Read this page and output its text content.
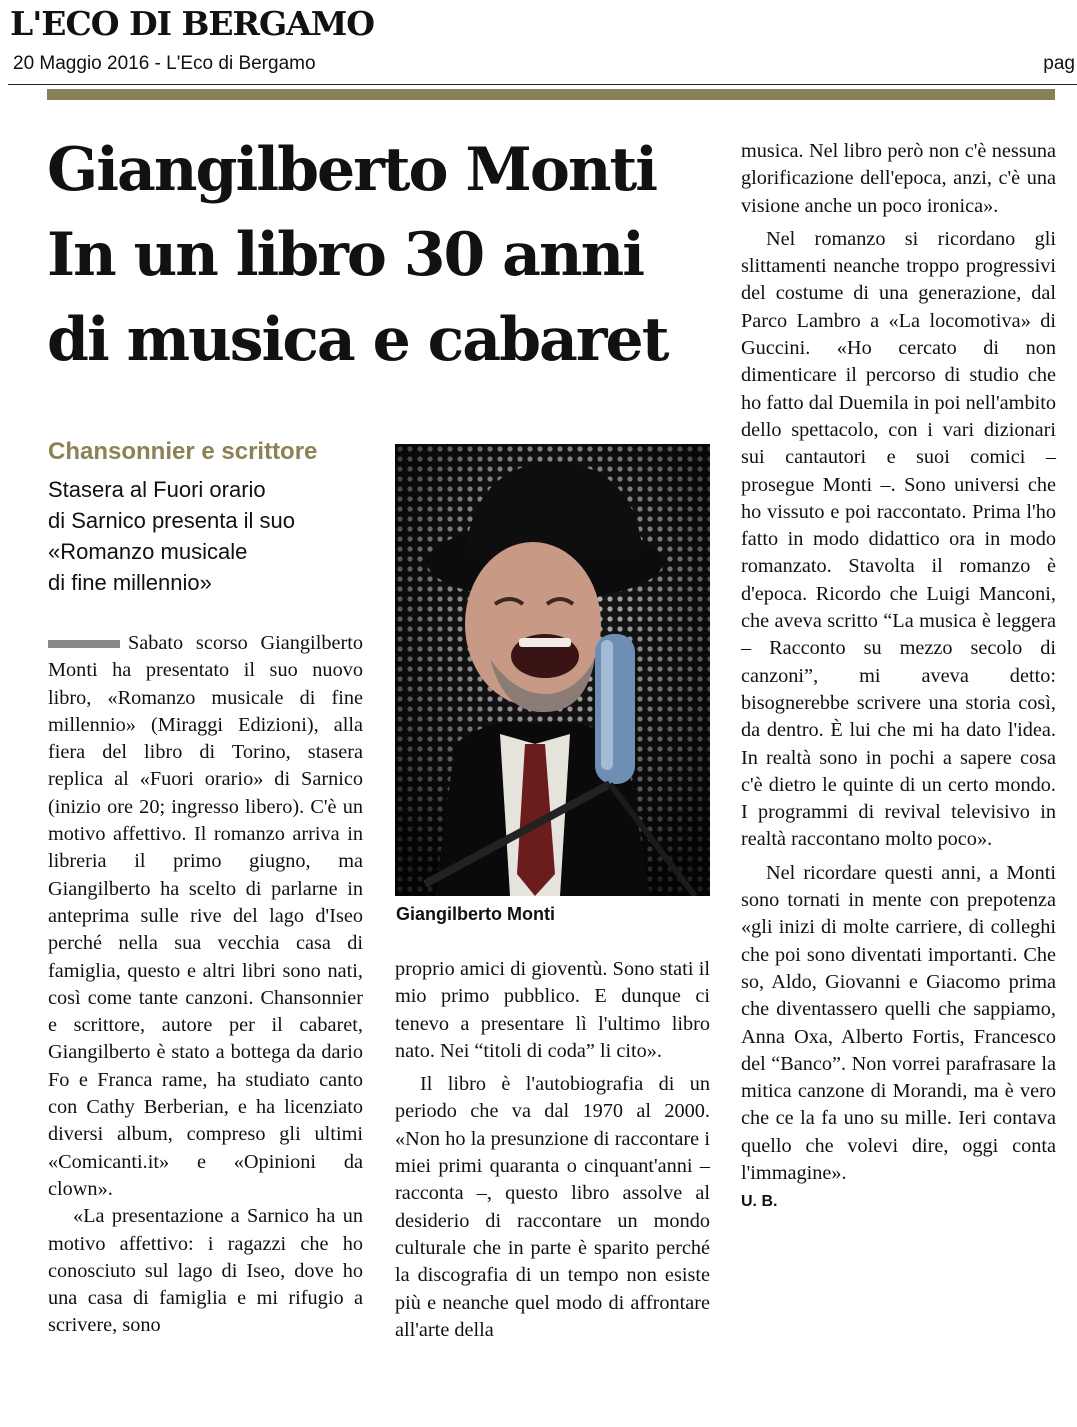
L'ECO DI BERGAMO
20 Maggio 2016 - L'Eco di Bergamo	pag
Giangilberto Monti
In un libro 30 anni
di musica e cabaret
Chansonnier e scrittore
Stasera al Fuori orario
di Sarnico presenta il suo
«Romanzo musicale
di fine millennio»

Sabato scorso Giangilberto Monti ha presentato il suo nuovo libro, «Romanzo musicale di fine millennio» (Miraggi Edizioni), alla fiera del libro di Torino, stasera replica al «Fuori orario» di Sarnico (inizio ore 20; ingresso libero). C'è un motivo affettivo. Il romanzo arriva in libreria il primo giugno, ma Giangilberto ha scelto di parlarne in anteprima sulle rive del lago d'Iseo perché nella sua vecchia casa di famiglia, questo e altri libri sono nati, così come tante canzoni. Chansonnier e scrittore, autore per il cabaret, Giangilberto è stato a bottega da dario Fo e Franca rame, ha studiato canto con Cathy Berberian, e ha licenziato diversi album, compreso gli ultimi «Comicanti.it» e «Opinioni da clown».

«La presentazione a Sarnico ha un motivo affettivo: i ragazzi che ho conosciuto sul lago di Iseo, dove ho una casa di famiglia e mi rifugio a scrivere, sono

Giangilberto Monti

proprio amici di gioventù. Sono stati il mio primo pubblico. E dunque ci tenevo a presentare lì l'ultimo libro nato. Nei “titoli di coda” li cito».

Il libro è l'autobiografia di un periodo che va dal 1970 al 2000. «Non ho la presunzione di raccontare i miei primi quaranta o cinquant'anni – racconta –, questo libro assolve al desiderio di raccontare un mondo culturale che in parte è sparito perché la discografia di un tempo non esiste più e neanche quel modo di affrontare all'arte della

musica. Nel libro però non c'è nessuna glorificazione dell'epoca, anzi, c'è una visione anche un poco ironica».

Nel romanzo si ricordano gli slittamenti neanche troppo progressivi del costume di una generazione, dal Parco Lambro a «La locomotiva» di Guccini. «Ho cercato di non dimenticare il percorso di studio che ho fatto dal Duemila in poi nell'ambito dello spettacolo, con i vari dizionari sui cantautori e suoi comici – prosegue Monti –. Sono universi che ho vissuto e poi raccontato. Prima l'ho fatto in modo didattico ora in modo romanzato. Stavolta il romanzo è d'epoca. Ricordo che Luigi Manconi, che aveva scritto “La musica è leggera – Racconto su mezzo secolo di canzoni”, mi aveva detto: bisognerebbe scrivere una storia così, da dentro. È lui che mi ha dato l'idea. In realtà sono in pochi a sapere cosa c'è dietro le quinte di un certo mondo. I programmi di revival televisivo in realtà raccontano molto poco».

Nel ricordare questi anni, a Monti sono tornati in mente con prepotenza «gli inizi di molte carriere, di colleghi che poi sono diventati importanti. Che so, Aldo, Giovanni e Giacomo prima che diventassero quelli che sappiamo, Anna Oxa, Alberto Fortis, Francesco del “Banco”. Non vorrei parafrasare la mitica canzone di Morandi, ma è vero che ce la fa uno su mille. Ieri contava quello che volevi dire, oggi conta l'immagine».

U. B.
